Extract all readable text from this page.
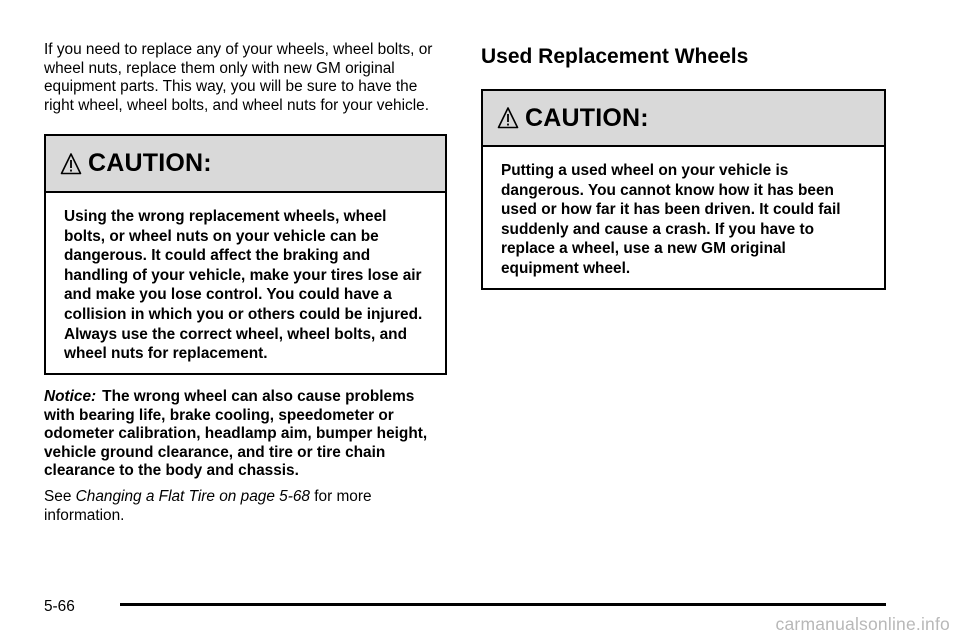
If you need to replace any of your wheels, wheel bolts, or wheel nuts, replace them only with new GM original equipment parts. This way, you will be sure to have the right wheel, wheel bolts, and wheel nuts for your vehicle.

CAUTION:

Using the wrong replacement wheels, wheel bolts, or wheel nuts on your vehicle can be dangerous. It could affect the braking and handling of your vehicle, make your tires lose air and make you lose control. You could have a collision in which you or others could be injured. Always use the correct wheel, wheel bolts, and wheel nuts for replacement.

Notice: The wrong wheel can also cause problems with bearing life, brake cooling, speedometer or odometer calibration, headlamp aim, bumper height, vehicle ground clearance, and tire or tire chain clearance to the body and chassis.

See Changing a Flat Tire on page 5-68 for more information.

Used Replacement Wheels
CAUTION:

Putting a used wheel on your vehicle is dangerous. You cannot know how it has been used or how far it has been driven. It could fail suddenly and cause a crash. If you have to replace a wheel, use a new GM original equipment wheel.

5-66
carmanualsonline.info
